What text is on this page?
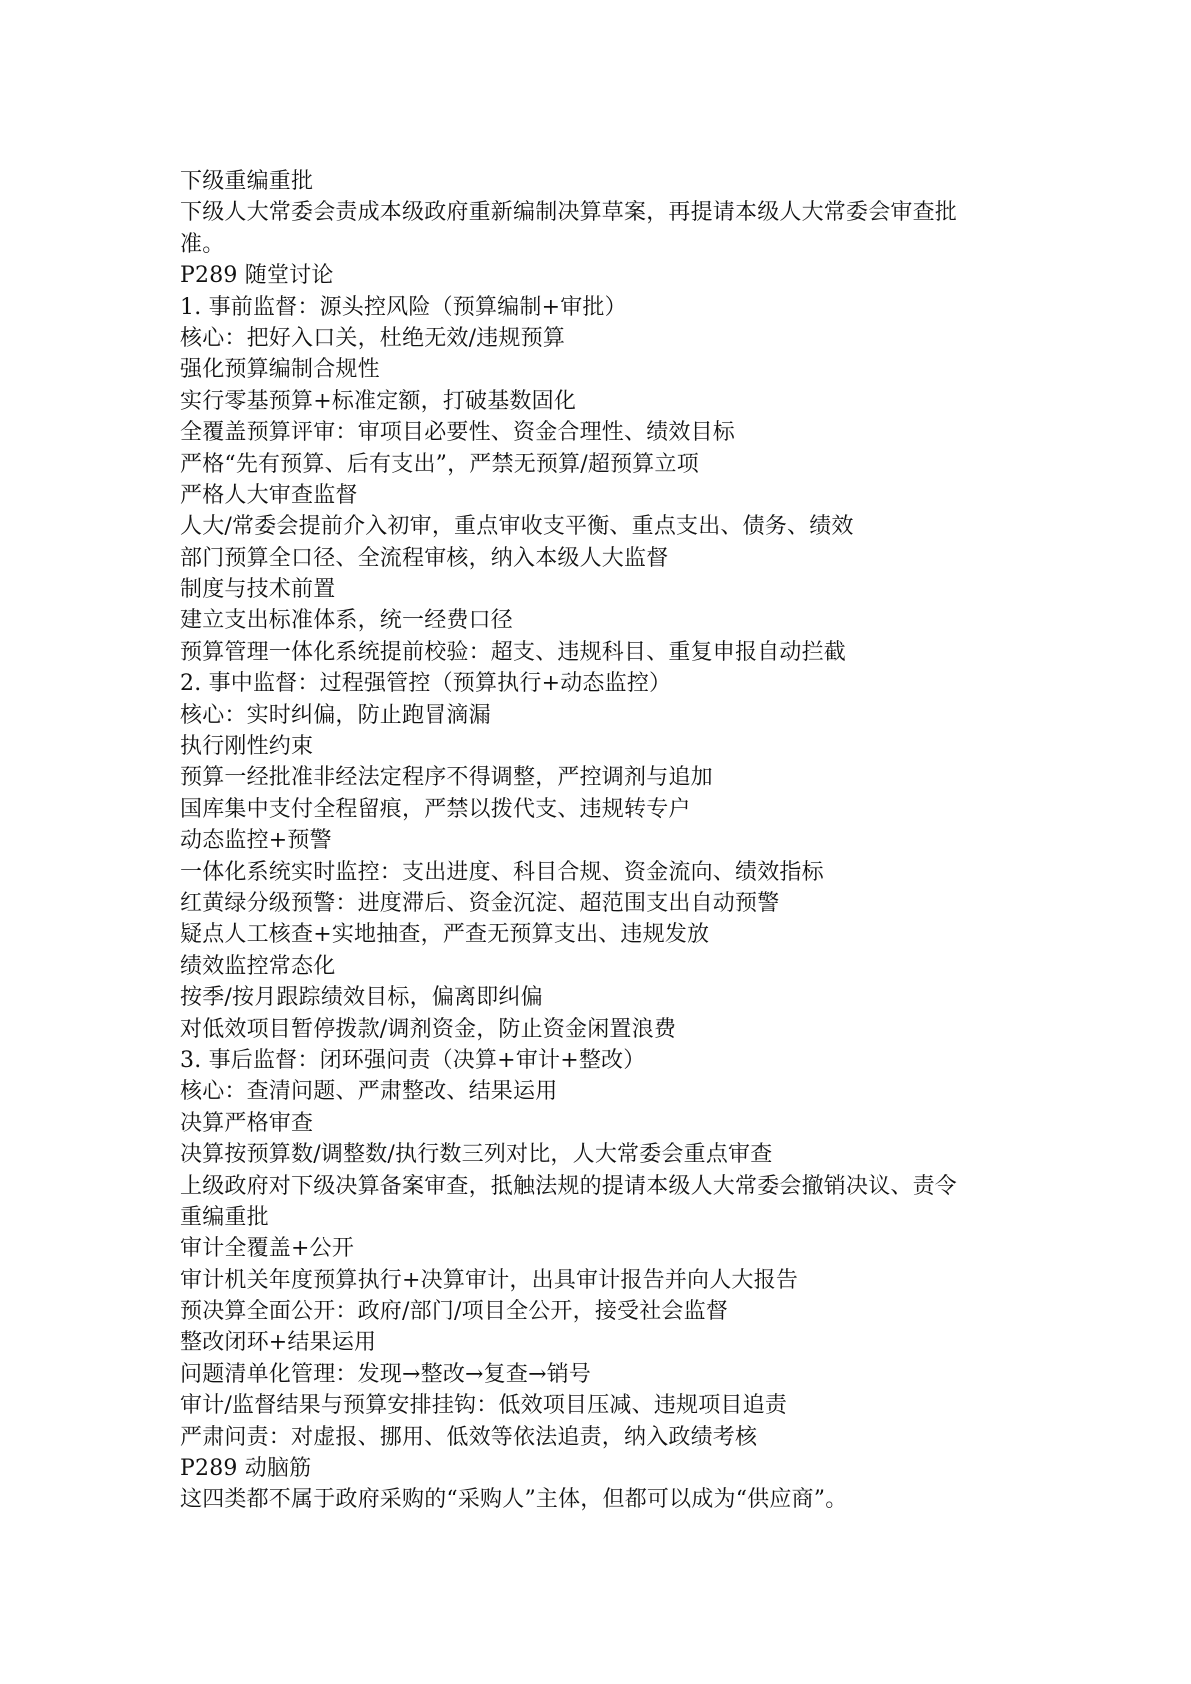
下级重编重批
下级人大常委会责成本级政府重新编制决算草案，再提请本级人大常委会审查批
准。
P289 随堂讨论
1. 事前监督：源头控风险（预算编制+审批）
核心：把好入口关，杜绝无效/违规预算
强化预算编制合规性
实行零基预算+标准定额，打破基数固化
全覆盖预算评审：审项目必要性、资金合理性、绩效目标
严格“先有预算、后有支出”，严禁无预算/超预算立项
严格人大审查监督
人大/常委会提前介入初审，重点审收支平衡、重点支出、债务、绩效
部门预算全口径、全流程审核，纳入本级人大监督
制度与技术前置
建立支出标准体系，统一经费口径
预算管理一体化系统提前校验：超支、违规科目、重复申报自动拦截
2. 事中监督：过程强管控（预算执行+动态监控）
核心：实时纠偏，防止跑冒滴漏
执行刚性约束
预算一经批准非经法定程序不得调整，严控调剂与追加
国库集中支付全程留痕，严禁以拨代支、违规转专户
动态监控+预警
一体化系统实时监控：支出进度、科目合规、资金流向、绩效指标
红黄绿分级预警：进度滞后、资金沉淀、超范围支出自动预警
疑点人工核查+实地抽查，严查无预算支出、违规发放
绩效监控常态化
按季/按月跟踪绩效目标，偏离即纠偏
对低效项目暂停拨款/调剂资金，防止资金闲置浪费
3. 事后监督：闭环强问责（决算+审计+整改）
核心：查清问题、严肃整改、结果运用
决算严格审查
决算按预算数/调整数/执行数三列对比，人大常委会重点审查
上级政府对下级决算备案审查，抵触法规的提请本级人大常委会撤销决议、责令
重编重批
审计全覆盖+公开
审计机关年度预算执行+决算审计，出具审计报告并向人大报告
预决算全面公开：政府/部门/项目全公开，接受社会监督
整改闭环+结果运用
问题清单化管理：发现→整改→复查→销号
审计/监督结果与预算安排挂钩：低效项目压减、违规项目追责
严肃问责：对虚报、挪用、低效等依法追责，纳入政绩考核
P289 动脑筋
这四类都不属于政府采购的“采购人”主体，但都可以成为“供应商”。
